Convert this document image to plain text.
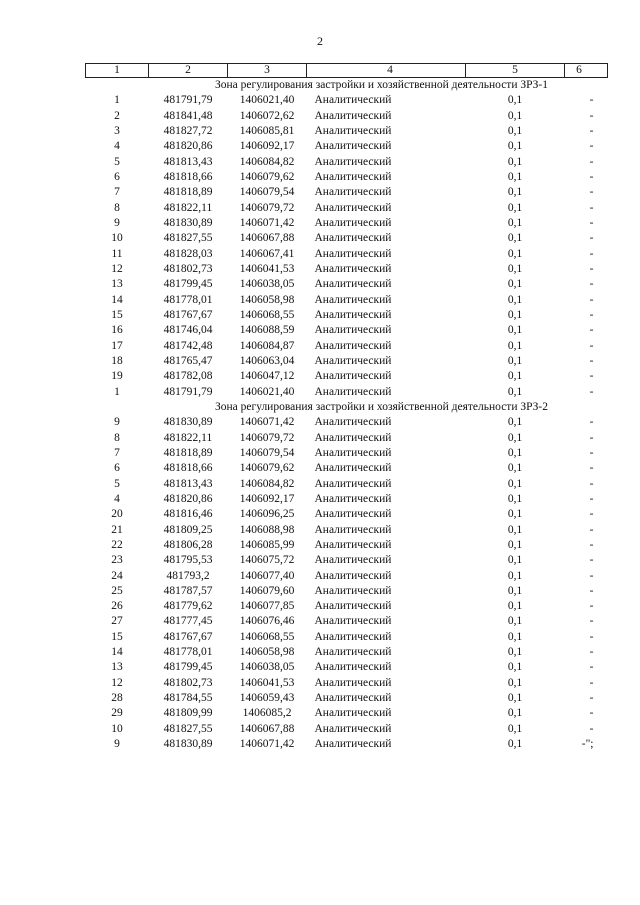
2
1	2	3	4	5	6
Зона регулирования застройки и хозяйственной деятельности ЗРЗ-1					
1	481791,79	1406021,40	Аналитический	0,1	-
2	481841,48	1406072,62	Аналитический	0,1	-
3	481827,72	1406085,81	Аналитический	0,1	-
4	481820,86	1406092,17	Аналитический	0,1	-
5	481813,43	1406084,82	Аналитический	0,1	-
6	481818,66	1406079,62	Аналитический	0,1	-
7	481818,89	1406079,54	Аналитический	0,1	-
8	481822,11	1406079,72	Аналитический	0,1	-
9	481830,89	1406071,42	Аналитический	0,1	-
10	481827,55	1406067,88	Аналитический	0,1	-
11	481828,03	1406067,41	Аналитический	0,1	-
12	481802,73	1406041,53	Аналитический	0,1	-
13	481799,45	1406038,05	Аналитический	0,1	-
14	481778,01	1406058,98	Аналитический	0,1	-
15	481767,67	1406068,55	Аналитический	0,1	-
16	481746,04	1406088,59	Аналитический	0,1	-
17	481742,48	1406084,87	Аналитический	0,1	-
18	481765,47	1406063,04	Аналитический	0,1	-
19	481782,08	1406047,12	Аналитический	0,1	-
1	481791,79	1406021,40	Аналитический	0,1	-
Зона регулирования застройки и хозяйственной деятельности ЗРЗ-2					
9	481830,89	1406071,42	Аналитический	0,1	-
8	481822,11	1406079,72	Аналитический	0,1	-
7	481818,89	1406079,54	Аналитический	0,1	-
6	481818,66	1406079,62	Аналитический	0,1	-
5	481813,43	1406084,82	Аналитический	0,1	-
4	481820,86	1406092,17	Аналитический	0,1	-
20	481816,46	1406096,25	Аналитический	0,1	-
21	481809,25	1406088,98	Аналитический	0,1	-
22	481806,28	1406085,99	Аналитический	0,1	-
23	481795,53	1406075,72	Аналитический	0,1	-
24	481793,2	1406077,40	Аналитический	0,1	-
25	481787,57	1406079,60	Аналитический	0,1	-
26	481779,62	1406077,85	Аналитический	0,1	-
27	481777,45	1406076,46	Аналитический	0,1	-
15	481767,67	1406068,55	Аналитический	0,1	-
14	481778,01	1406058,98	Аналитический	0,1	-
13	481799,45	1406038,05	Аналитический	0,1	-
12	481802,73	1406041,53	Аналитический	0,1	-
28	481784,55	1406059,43	Аналитический	0,1	-
29	481809,99	1406085,2	Аналитический	0,1	-
10	481827,55	1406067,88	Аналитический	0,1	-
9	481830,89	1406071,42	Аналитический	0,1	-";
